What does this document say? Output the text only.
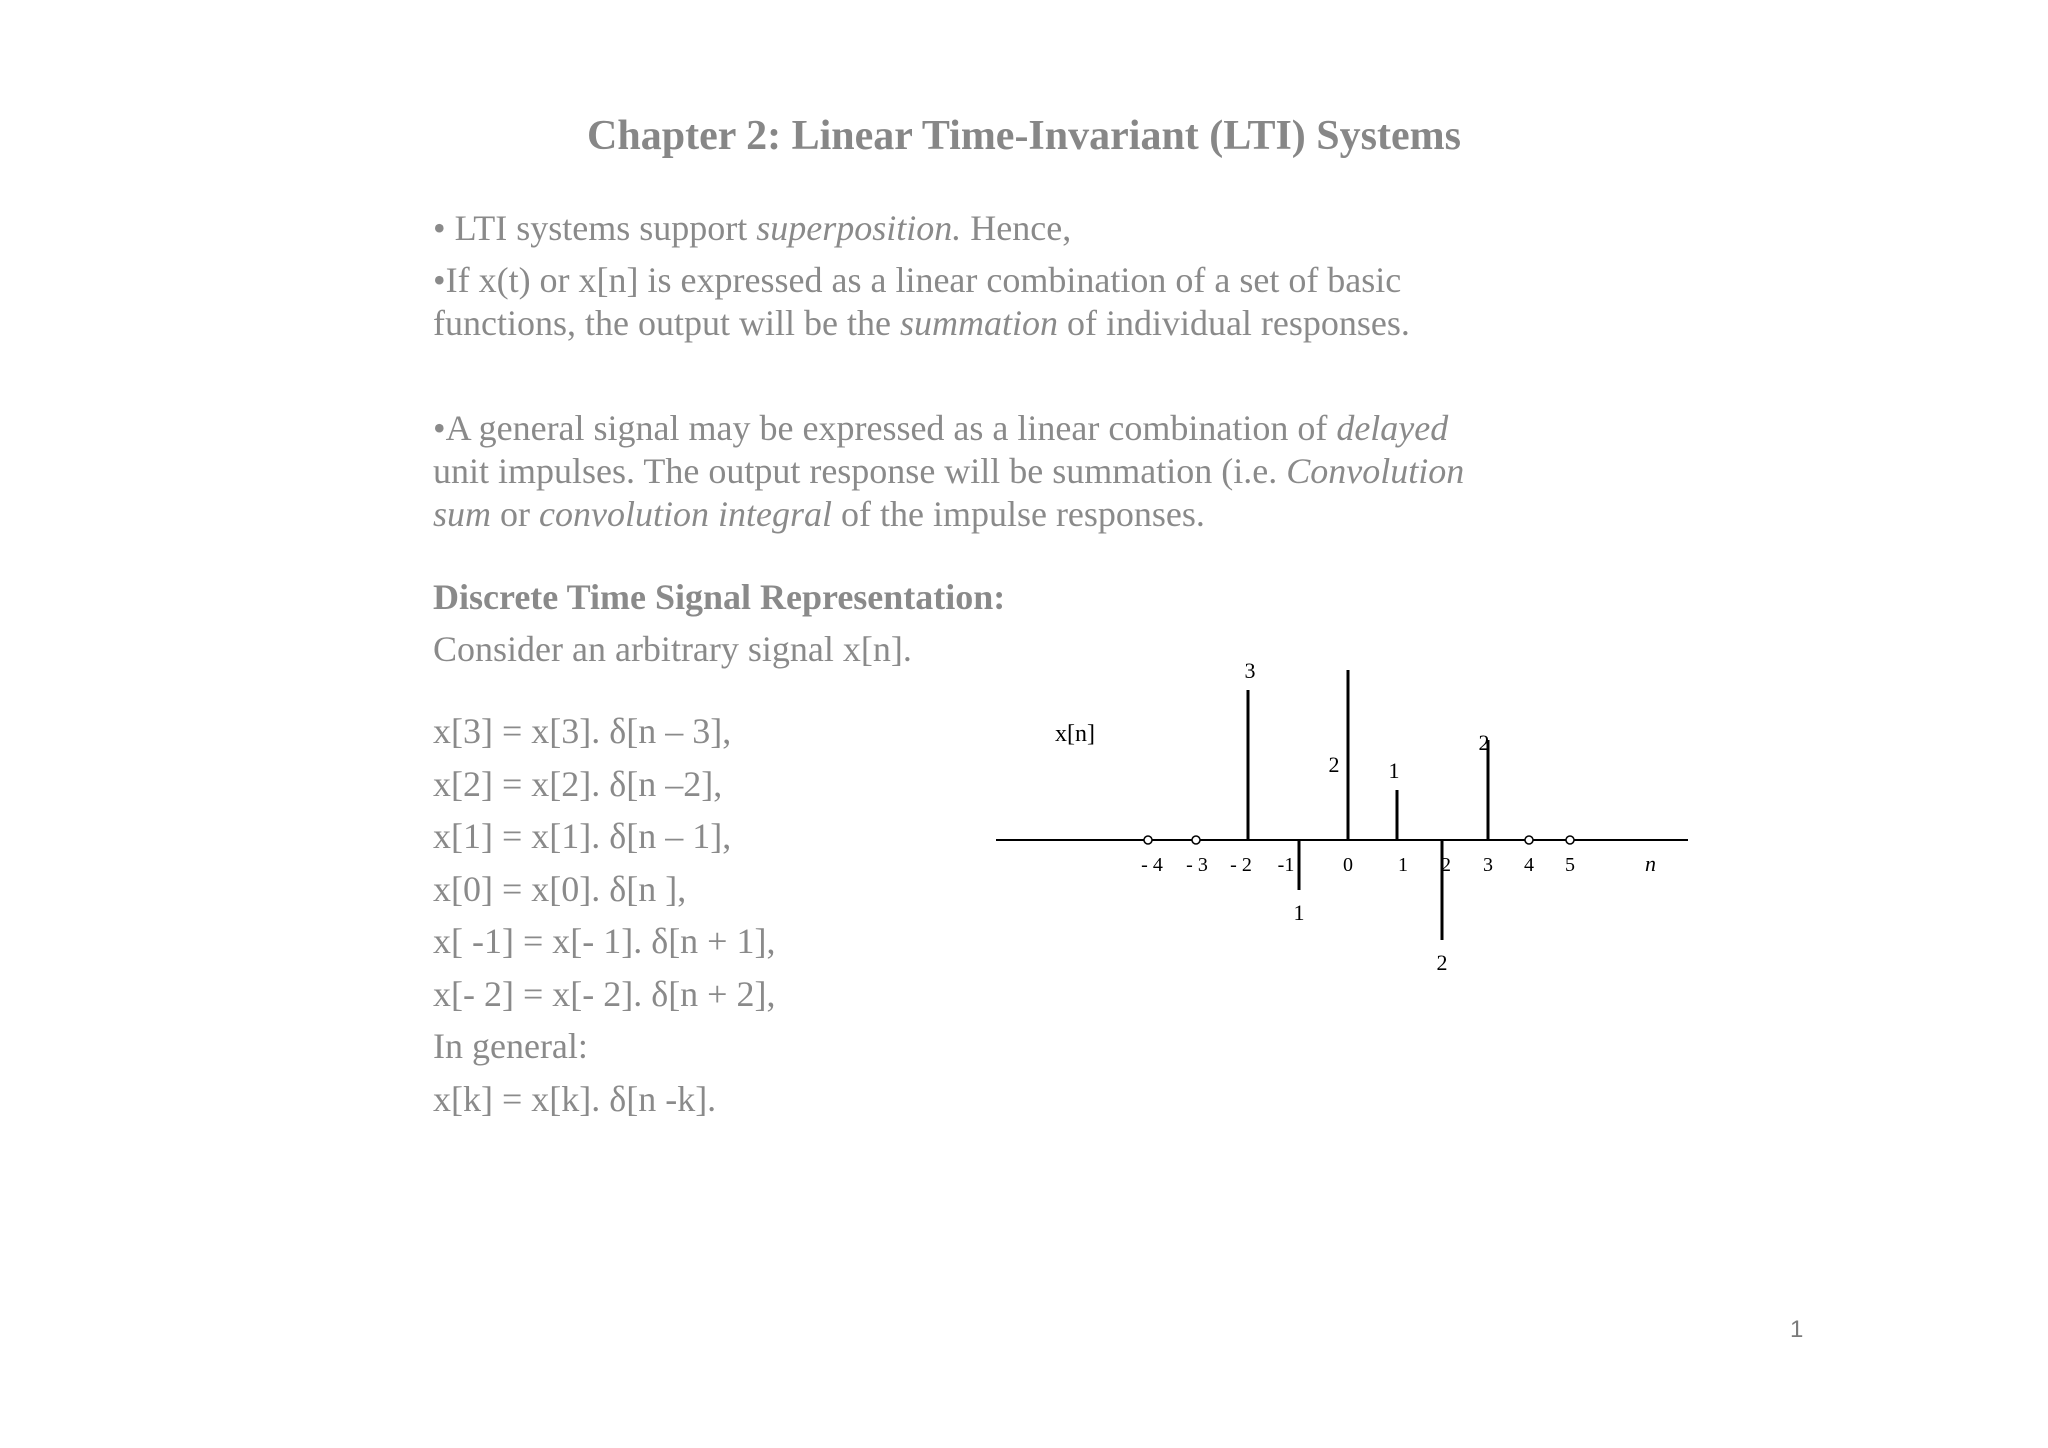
Chapter 2: Linear Time-Invariant (LTI) Systems

• LTI systems support superposition. Hence,

•If x(t) or x[n] is expressed as a linear combination of a set of basic
functions, the output will be the summation of individual responses.

•A general signal may be expressed as a linear combination of delayed
unit impulses. The output response will be summation (i.e. Convolution
sum or convolution integral of the impulse responses.

Discrete Time Signal Representation:
Consider an arbitrary signal x[n].
x[3] = x[3]. δ[n – 3],
x[2] = x[2]. δ[n –2],
x[1] = x[1]. δ[n – 1],
x[0] = x[0]. δ[n ],
x[ -1] = x[- 1]. δ[n + 1],
x[- 2] = x[- 2]. δ[n + 2],
In general:
x[k] = x[k]. δ[n -k].
x[n]
n
- 4 - 3 - 2 -1 0 1 2 3 4 5
3
1
2 1
2
2
1
